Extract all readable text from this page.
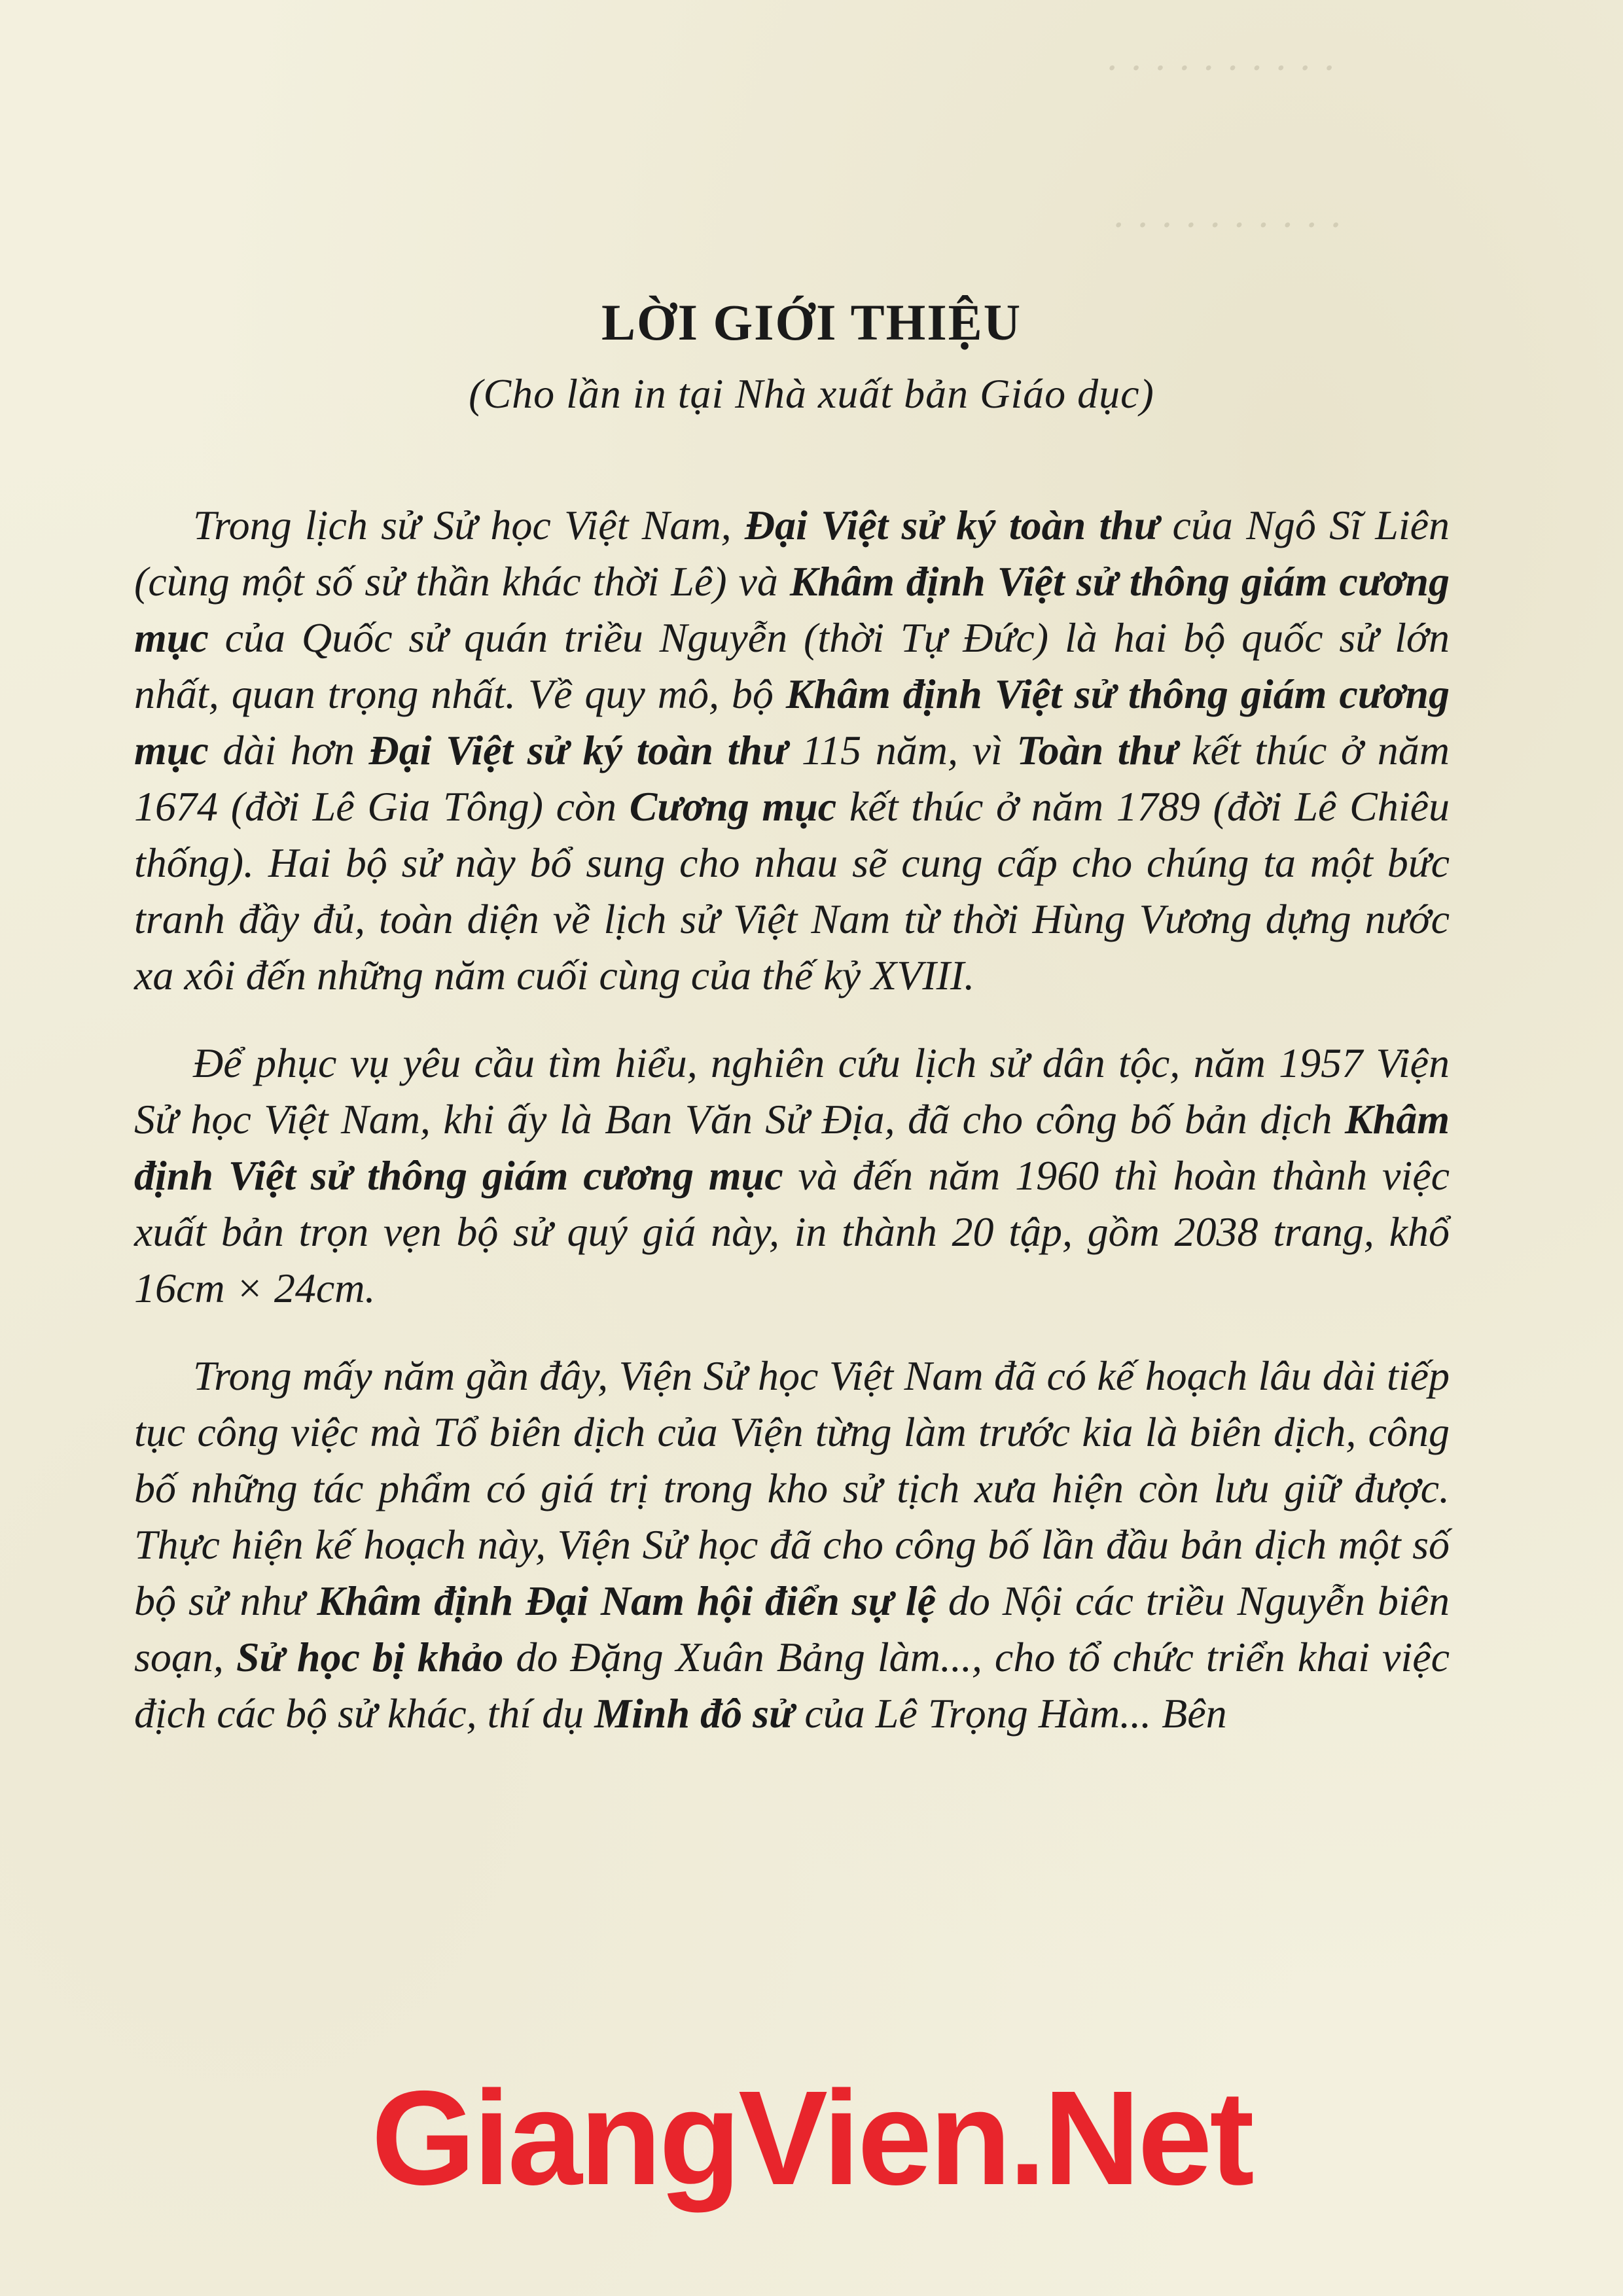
· · · · · · · · · ·
· · · · · · · · · ·
LỜI GIỚI THIỆU
(Cho lần in tại Nhà xuất bản Giáo dục)

Trong lịch sử Sử học Việt Nam, Đại Việt sử ký toàn thư của Ngô Sĩ Liên (cùng một số sử thần khác thời Lê) và Khâm định Việt sử thông giám cương mục của Quốc sử quán triều Nguyễn (thời Tự Đức) là hai bộ quốc sử lớn nhất, quan trọng nhất. Về quy mô, bộ Khâm định Việt sử thông giám cương mục dài hơn Đại Việt sử ký toàn thư 115 năm, vì Toàn thư kết thúc ở năm 1674 (đời Lê Gia Tông) còn Cương mục kết thúc ở năm 1789 (đời Lê Chiêu thống). Hai bộ sử này bổ sung cho nhau sẽ cung cấp cho chúng ta một bức tranh đầy đủ, toàn diện về lịch sử Việt Nam từ thời Hùng Vương dựng nước xa xôi đến những năm cuối cùng của thế kỷ XVIII.

Để phục vụ yêu cầu tìm hiểu, nghiên cứu lịch sử dân tộc, năm 1957 Viện Sử học Việt Nam, khi ấy là Ban Văn Sử Địa, đã cho công bố bản dịch Khâm định Việt sử thông giám cương mục và đến năm 1960 thì hoàn thành việc xuất bản trọn vẹn bộ sử quý giá này, in thành 20 tập, gồm 2038 trang, khổ 16cm × 24cm.

Trong mấy năm gần đây, Viện Sử học Việt Nam đã có kế hoạch lâu dài tiếp tục công việc mà Tổ biên dịch của Viện từng làm trước kia là biên dịch, công bố những tác phẩm có giá trị trong kho sử tịch xưa hiện còn lưu giữ được. Thực hiện kế hoạch này, Viện Sử học đã cho công bố lần đầu bản dịch một số bộ sử như Khâm định Đại Nam hội điển sự lệ do Nội các triều Nguyễn biên soạn, Sử học bị khảo do Đặng Xuân Bảng làm..., cho tổ chức triển khai việc địch các bộ sử khác, thí dụ Minh đô sử của Lê Trọng Hàm... Bên

GiangVien.Net
